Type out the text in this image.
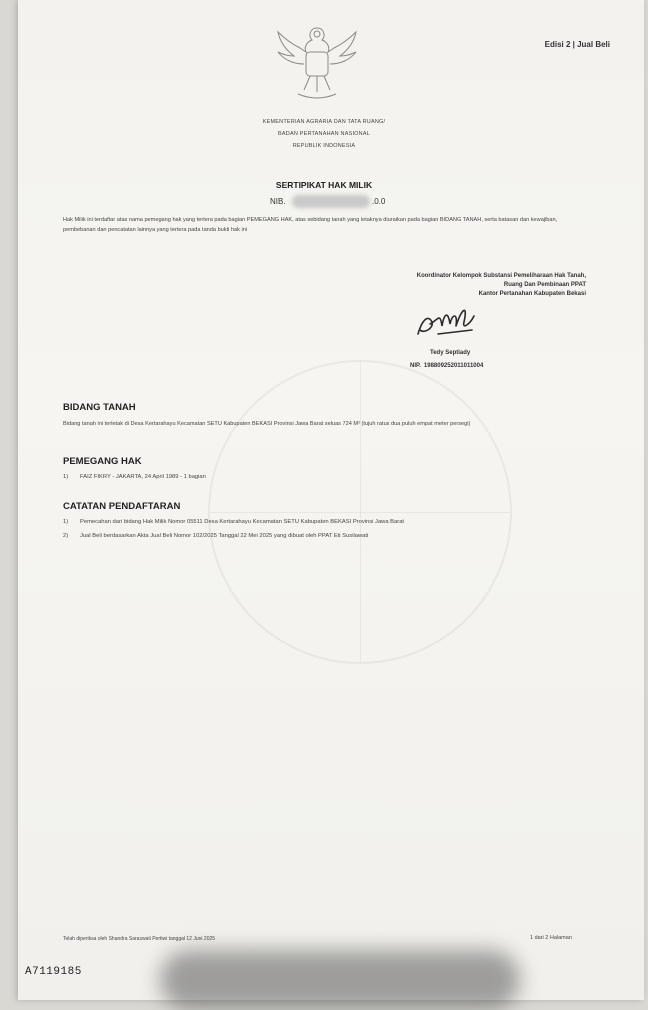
Edisi 2 | Jual Beli
KEMENTERIAN AGRARIA DAN TATA RUANG/
BADAN PERTANAHAN NASIONAL
REPUBLIK INDONESIA
SERTIPIKAT HAK MILIK
NIB.	.0.0
Hak Milik ini terdaftar atas nama pemegang hak yang tertera pada bagian PEMEGANG HAK, atas sebidang tanah yang letaknya diuraikan pada bagian BIDANG TANAH, serta batasan dan kewajiban, pembebanan dan pencatatan lainnya yang tertera pada tanda bukti hak ini
Koordinator Kelompok Substansi Pemeliharaan Hak Tanah,
Ruang Dan Pembinaan PPAT
Kantor Pertanahan Kabupaten Bekasi
Tedy Septiady
NIP. 198809252011011004
BIDANG TANAH
Bidang tanah ini terletak di Desa Kertarahayu Kecamatan SETU Kabupaten BEKASI Provinsi Jawa Barat seluas 724 M² (tujuh ratus dua puluh empat meter persegi)
PEMEGANG HAK
1) FAIZ FIKRY - JAKARTA, 24 April 1989 - 1 bagian
CATATAN PENDAFTARAN
1) Pemecahan dari bidang Hak Milik Nomor 05511 Desa Kertarahayu Kecamatan SETU Kabupaten BEKASI Provinsi Jawa Barat
2) Jual Beli berdasarkan Akta Jual Beli Nomor 102/2025 Tanggal 22 Mei 2025 yang dibuat oleh PPAT Eti Susilawati
Telah diperiksa oleh Shandra Saraswati Pertiwi tanggal 12 Juni 2025	1 dari 2 Halaman
A7119185
